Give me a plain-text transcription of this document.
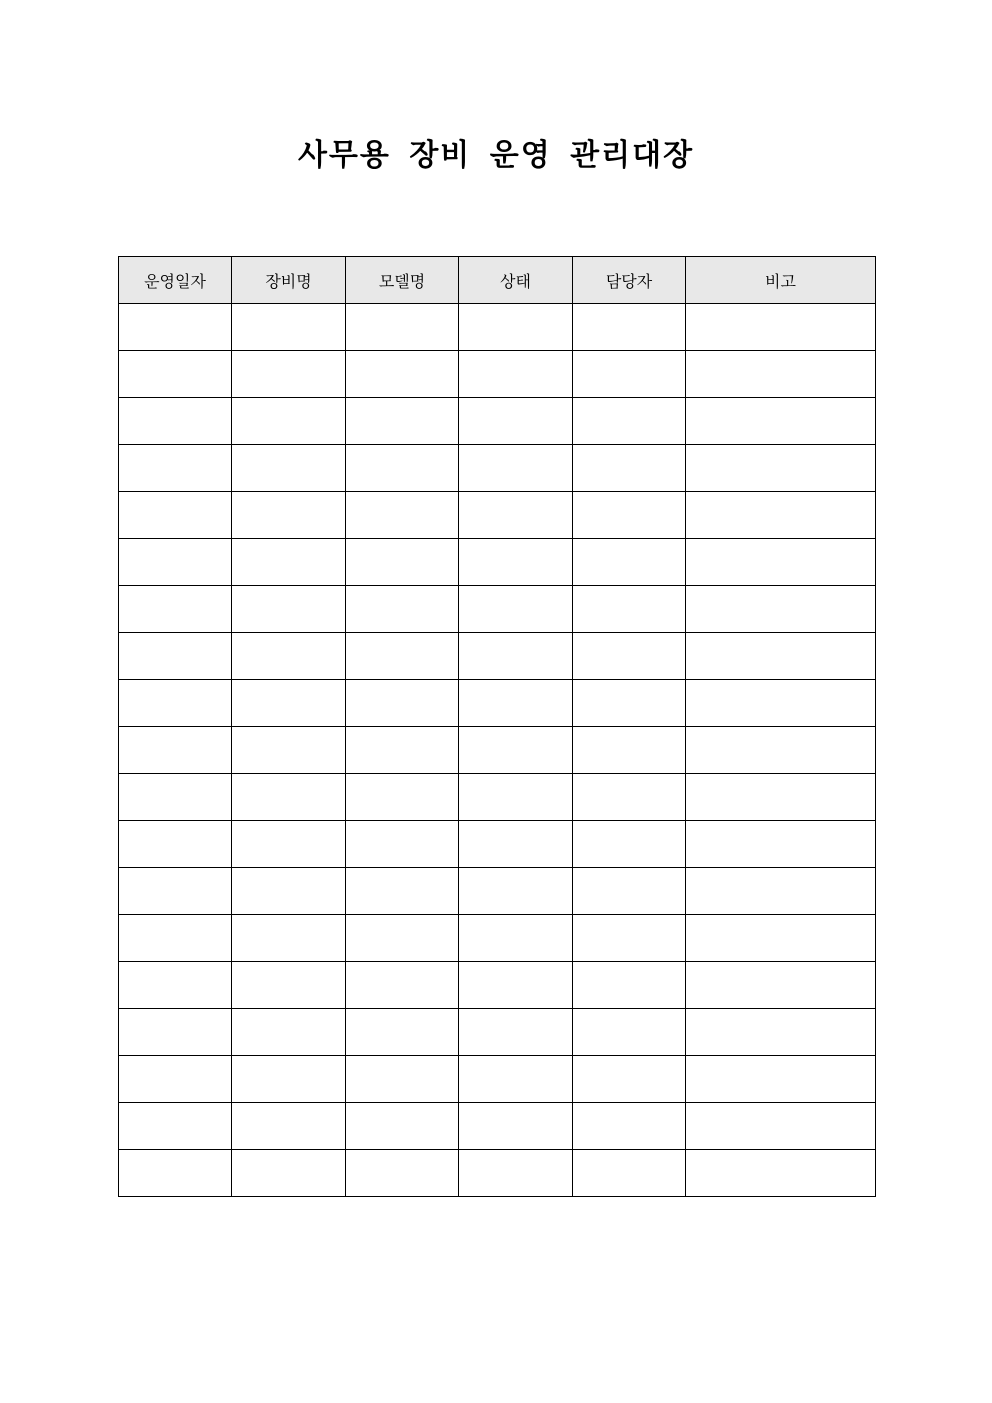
사무용 장비 운영 관리대장
운영일자	장비명	모델명	상태	담당자	비고
